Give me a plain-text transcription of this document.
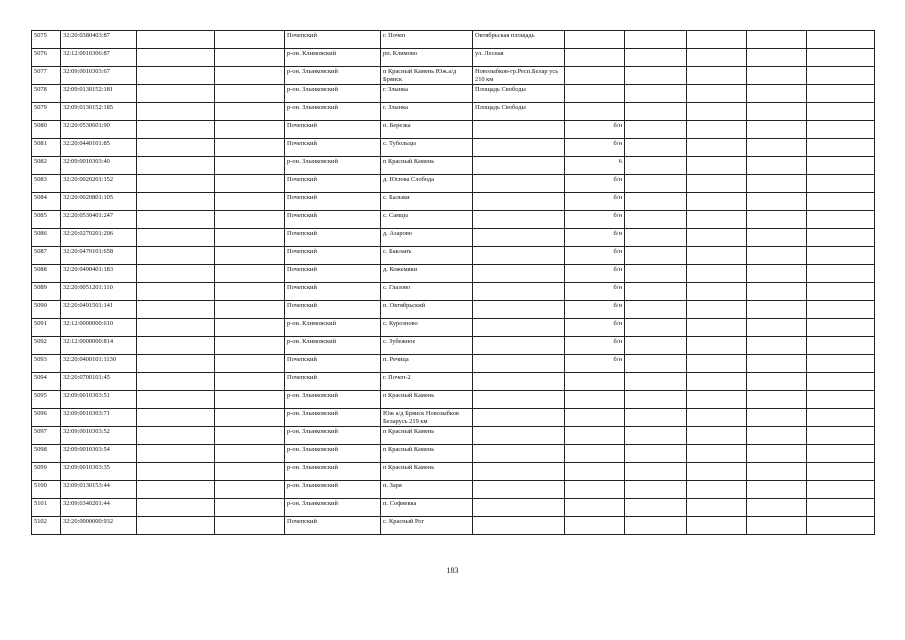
5075	32:20:0380403:87			Почепский	г. Почеп	Октябрьская площадь					
5076	32:12:0010306:87			р-он. Климовский	рп. Климово	ул. Лесная					
5077	32:09:0010303:67			р-он. Злынковский	п Красный Камень Юж.а/д Брянск	Новозыбков-гр.Респ.Белар усь 210 км					
5078	32:09:0130152:181			р-он. Злынковский	г. Злынка	Площадь Свободы					
5079	32:09:0130152:185			р-он. Злынковский	г. Злынка	Площадь Свободы					
5080	32:20:0530601:90			Почепский	п. Березка		б/н				
5081	32:20:0440101:85			Почепский	с. Тубольцы		б/н				
5082	32:09:0010303:40			р-он. Злынковский	п Красный Камень		6				
5083	32:20:0020201:152			Почепский	д. Юсюва Слобода		б/н				
5084	32:20:0020801:105			Почепский	с. Балыки		б/н				
5085	32:20:0530401:247			Почепский	с. Самцы		б/н				
5086	32:20:0270201:206			Почепский	д. Азарово		б/н				
5087	32:20:0470101:658			Почепский	с. Бакланъ		б/н				
5088	32:20:0490401:183			Почепский	д. Кожемяки		б/н				
5089	32:20:0051201:110			Почепский	с. Глазово		б/н				
5090	32:20:0491501:141			Почепский	п. Октябрьский		б/н				
5091	32:12:0000000:610			р-он. Климовский	с. Курозново		б/н				
5092	32:12:0000000:814			р-он. Климовский	с. Зубежное		б/н				
5093	32:20:0400101:1130			Почепский	п. Речица		б/н				
5094	32:20:0700101:45			Почепский	г. Почеп-2						
5095	32:09:0010303:51			р-он. Злынковский	п Красный Камень						
5096	32:09:0010303:71			р-он. Злынковский	Юж а/д Брянск Новозыбков Беларусь 219 км						
5097	32:09:0010303:52			р-он. Злынковский	п Красный Камень						
5098	32:09:0010303:54			р-он. Злынковский	п Красный Камень						
5099	32:09:0010303:35			р-он. Злынковский	п Красный Камень						
5100	32:09:0130153:44			р-он. Злынковский	п. Заря						
5101	32:09:0340201:44			р-он. Злынковский	п. Софиевка						
5102	32:20:0000000:932			Почепский	с. Красный Рог						
183
